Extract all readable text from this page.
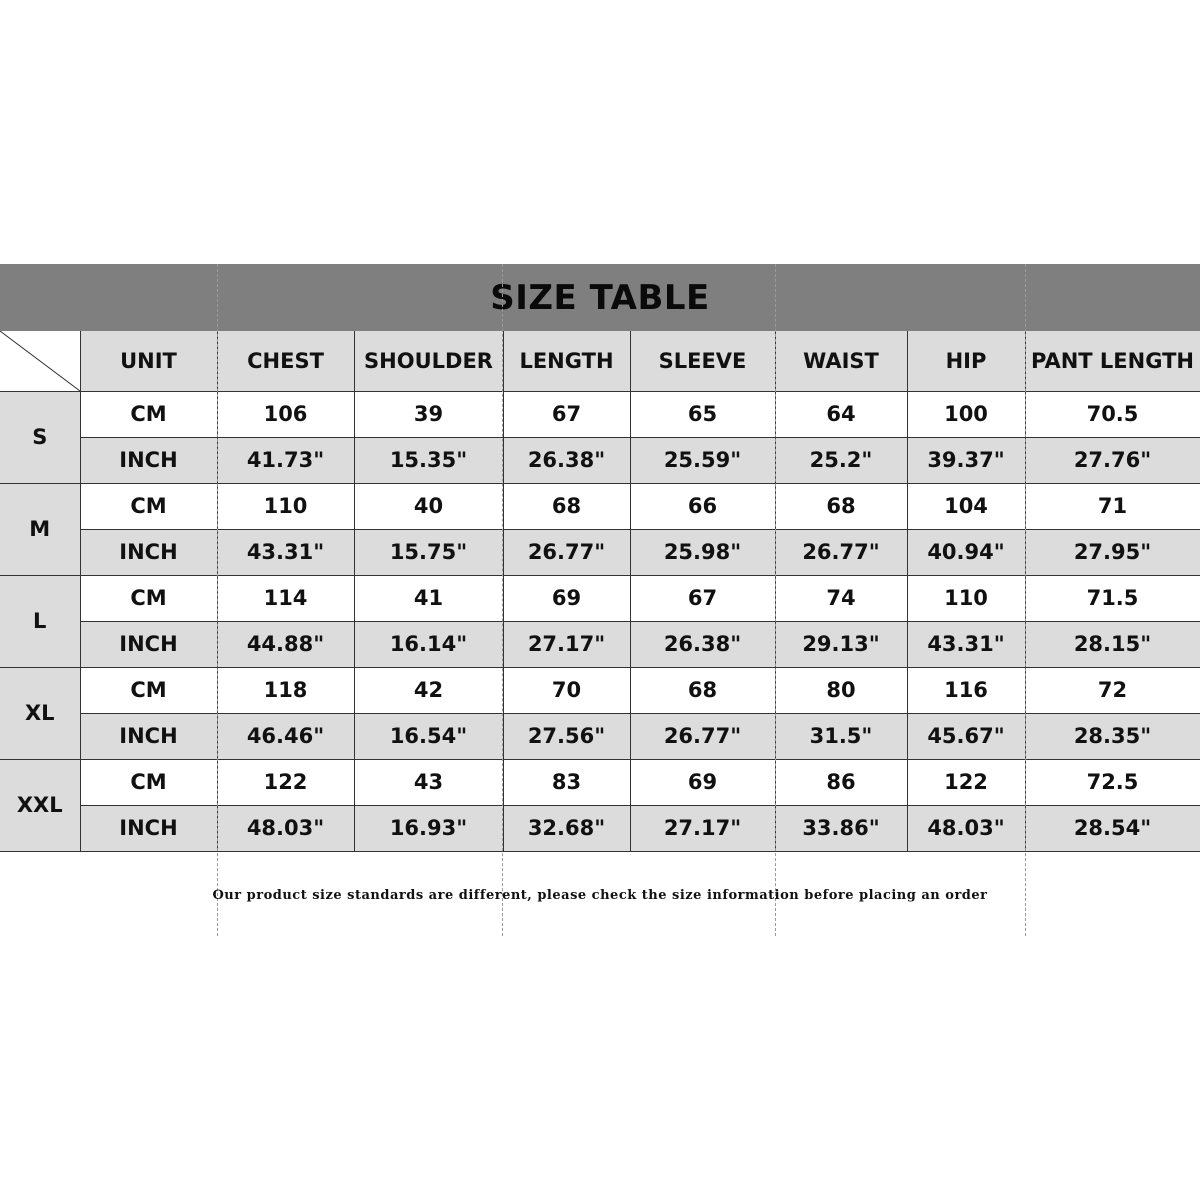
SIZE TABLE
	UNIT	CHEST	SHOULDER	LENGTH	SLEEVE	WAIST	HIP	PANT LENGTH
S	CM	106	39	67	65	64	100	70.5
	INCH	41.73"	15.35"	26.38"	25.59"	25.2"	39.37"	27.76"
M	CM	110	40	68	66	68	104	71
	INCH	43.31"	15.75"	26.77"	25.98"	26.77"	40.94"	27.95"
L	CM	114	41	69	67	74	110	71.5
	INCH	44.88"	16.14"	27.17"	26.38"	29.13"	43.31"	28.15"
XL	CM	118	42	70	68	80	116	72
	INCH	46.46"	16.54"	27.56"	26.77"	31.5"	45.67"	28.35"
XXL	CM	122	43	83	69	86	122	72.5
	INCH	48.03"	16.93"	32.68"	27.17"	33.86"	48.03"	28.54"
Our product size standards are different, please check the size information before placing an order
